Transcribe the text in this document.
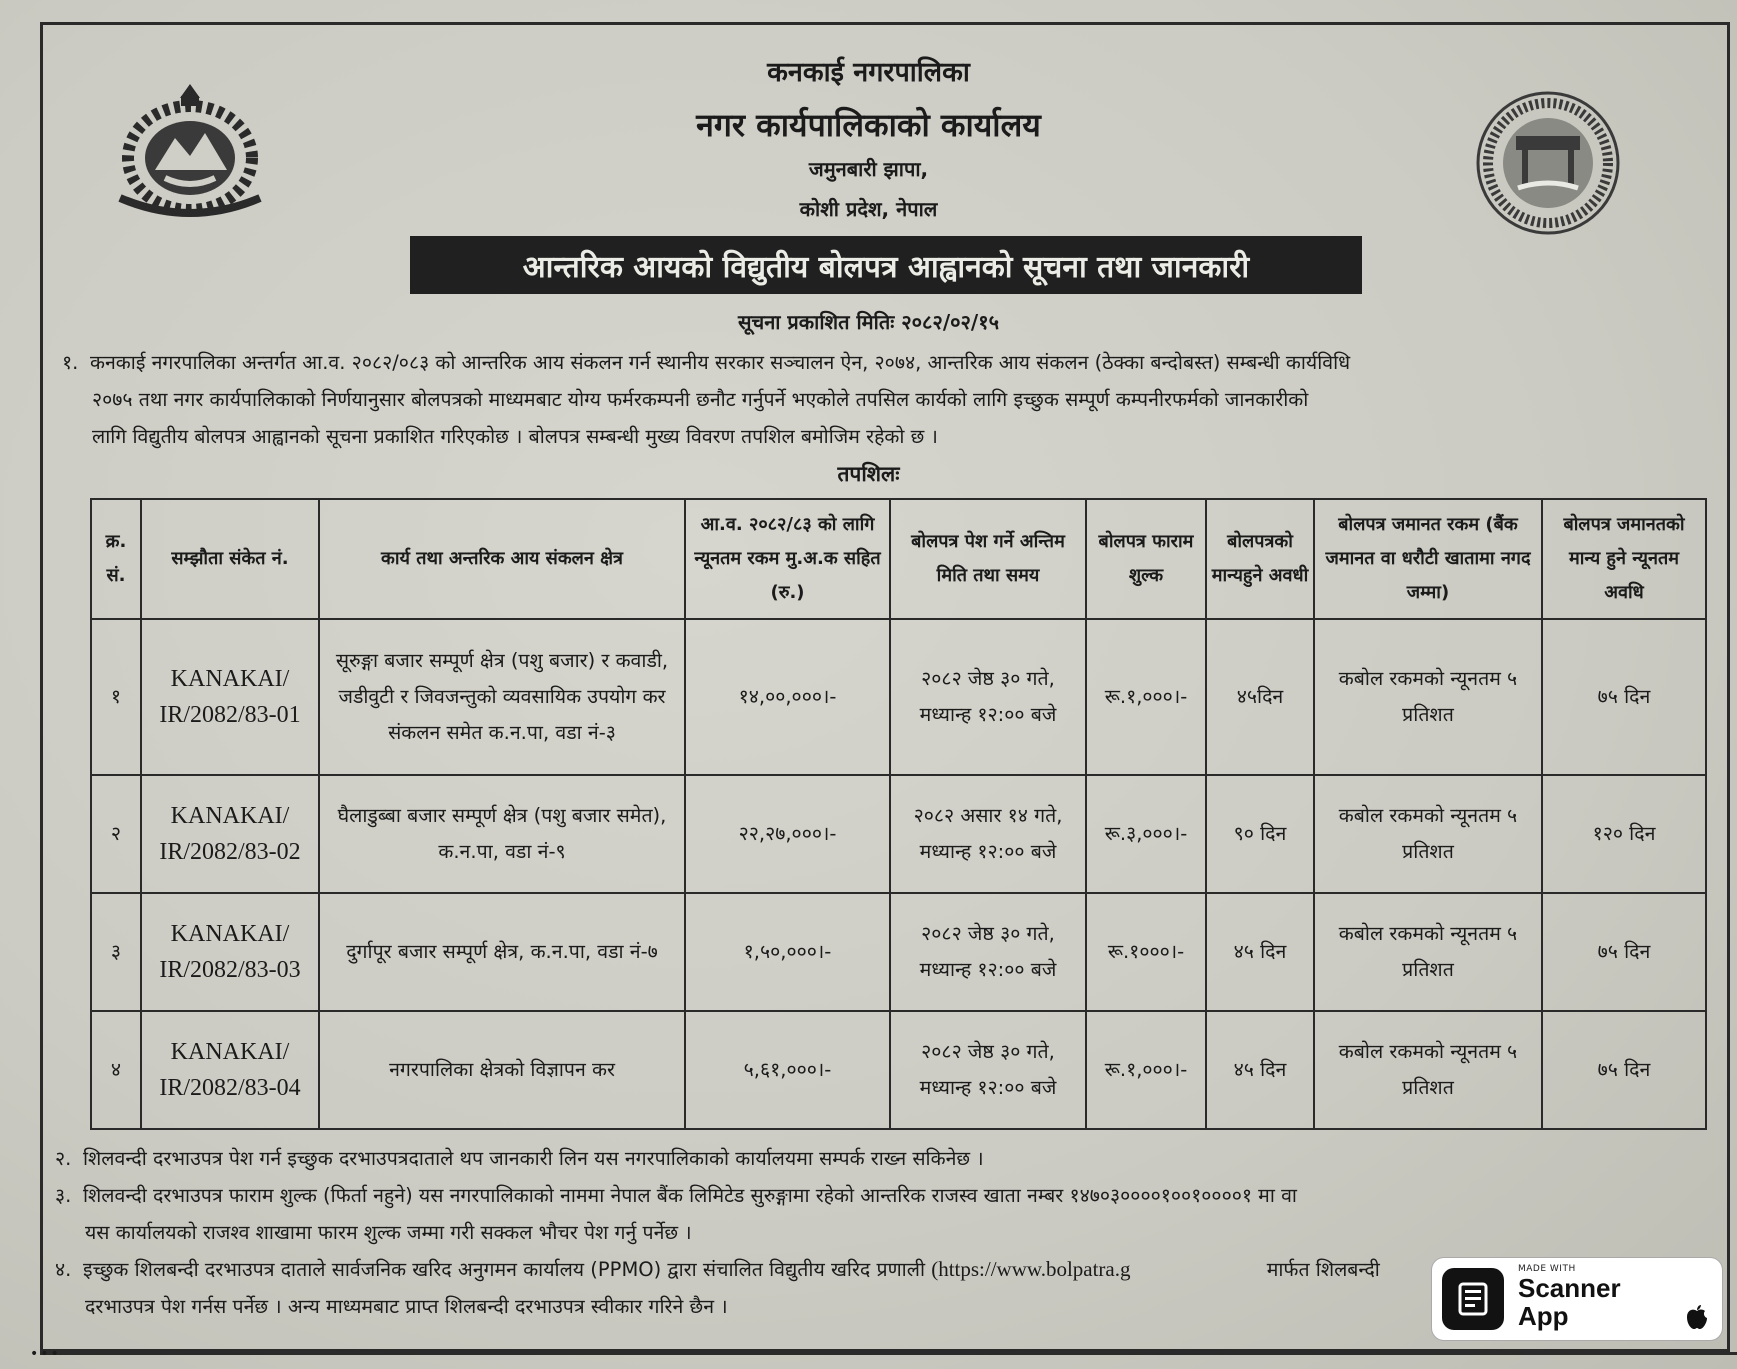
•••
कनकाई नगरपालिका
नगर कार्यपालिकाको कार्यालय
जमुनबारी झापा,
कोशी प्रदेश, नेपाल
आन्तरिक आयको विद्युतीय बोलपत्र आह्वानको सूचना तथा जानकारी
सूचना प्रकाशित मितिः २०८२/०२/१५
१. कनकाई नगरपालिका अन्तर्गत आ.व. २०८२/०८३ को आन्तरिक आय संकलन गर्न स्थानीय सरकार सञ्चालन ऐन, २०७४, आन्तरिक आय संकलन (ठेक्का बन्दोबस्त) सम्बन्धी कार्यविधि
२०७५ तथा नगर कार्यपालिकाको निर्णयानुसार बोलपत्रको माध्यमबाट योग्य फर्मरकम्पनी छनौट गर्नुपर्ने भएकोले तपसिल कार्यको लागि इच्छुक सम्पूर्ण कम्पनीरफर्मको जानकारीको
लागि विद्युतीय बोलपत्र आह्वानको सूचना प्रकाशित गरिएकोछ । बोलपत्र सम्बन्धी मुख्य विवरण तपशिल बमोजिम रहेको छ ।
तपशिलः
क्र. सं.	सम्झौता संकेत नं.	कार्य तथा अन्तरिक आय संकलन क्षेत्र	आ.व. २०८२/८३ को लागि न्यूनतम रकम मु.अ.क सहित (रु.)	बोलपत्र पेश गर्ने अन्तिम मिति तथा समय	बोलपत्र फाराम शुल्क	बोलपत्रको मान्यहुने अवधी	बोलपत्र जमानत रकम (बैंक जमानत वा धरौटी खातामा नगद जम्मा)	बोलपत्र जमानतको मान्य हुने न्यूनतम अवधि
१	KANAKAI/ IR/2082/83-01	सूरुङ्गा बजार सम्पूर्ण क्षेत्र (पशु बजार) र कवाडी, जडीवुटी र जिवजन्तुको व्यवसायिक उपयोग कर संकलन समेत क.न.पा, वडा नं-३	१४,००,०००।-	२०८२ जेष्ठ ३० गते, मध्यान्ह १२:०० बजे	रू.१,०००।-	४५दिन	कबोल रकमको न्यूनतम ५ प्रतिशत	७५ दिन
२	KANAKAI/ IR/2082/83-02	घैलाडुब्बा बजार सम्पूर्ण क्षेत्र (पशु बजार समेत), क.न.पा, वडा नं-९	२२,२७,०००।-	२०८२ असार १४ गते, मध्यान्ह १२:०० बजे	रू.३,०००।-	९० दिन	कबोल रकमको न्यूनतम ५ प्रतिशत	१२० दिन
३	KANAKAI/ IR/2082/83-03	दुर्गापूर बजार सम्पूर्ण क्षेत्र, क.न.पा, वडा नं-७	१,५०,०००।-	२०८२ जेष्ठ ३० गते, मध्यान्ह १२:०० बजे	रू.१०००।-	४५ दिन	कबोल रकमको न्यूनतम ५ प्रतिशत	७५ दिन
४	KANAKAI/ IR/2082/83-04	नगरपालिका क्षेत्रको विज्ञापन कर	५,६१,०००।-	२०८२ जेष्ठ ३० गते, मध्यान्ह १२:०० बजे	रू.१,०००।-	४५ दिन	कबोल रकमको न्यूनतम ५ प्रतिशत	७५ दिन
२. शिलवन्दी दरभाउपत्र पेश गर्न इच्छुक दरभाउपत्रदाताले थप जानकारी लिन यस नगरपालिकाको कार्यालयमा सम्पर्क राख्न सकिनेछ ।
३. शिलवन्दी दरभाउपत्र फाराम शुल्क (फिर्ता नहुने) यस नगरपालिकाको नाममा नेपाल बैंक लिमिटेड सुरुङ्गामा रहेको आन्तरिक राजस्व खाता नम्बर १४७०३००००१००१००००१ मा वा
यस कार्यालयको राजश्व शाखामा फारम शुल्क जम्मा गरी सक्कल भौचर पेश गर्नु पर्नेछ ।
४. इच्छुक शिलबन्दी दरभाउपत्र दाताले सार्वजनिक खरिद अनुगमन कार्यालय (PPMO) द्वारा संचालित विद्युतीय खरिद प्रणाली (https://www.bolpatra.g	मार्फत शिलबन्दी
दरभाउपत्र पेश गर्नस पर्नेछ । अन्य माध्यमबाट प्राप्त शिलबन्दी दरभाउपत्र स्वीकार गरिने छैन ।
MADE WITH
Scanner
App
